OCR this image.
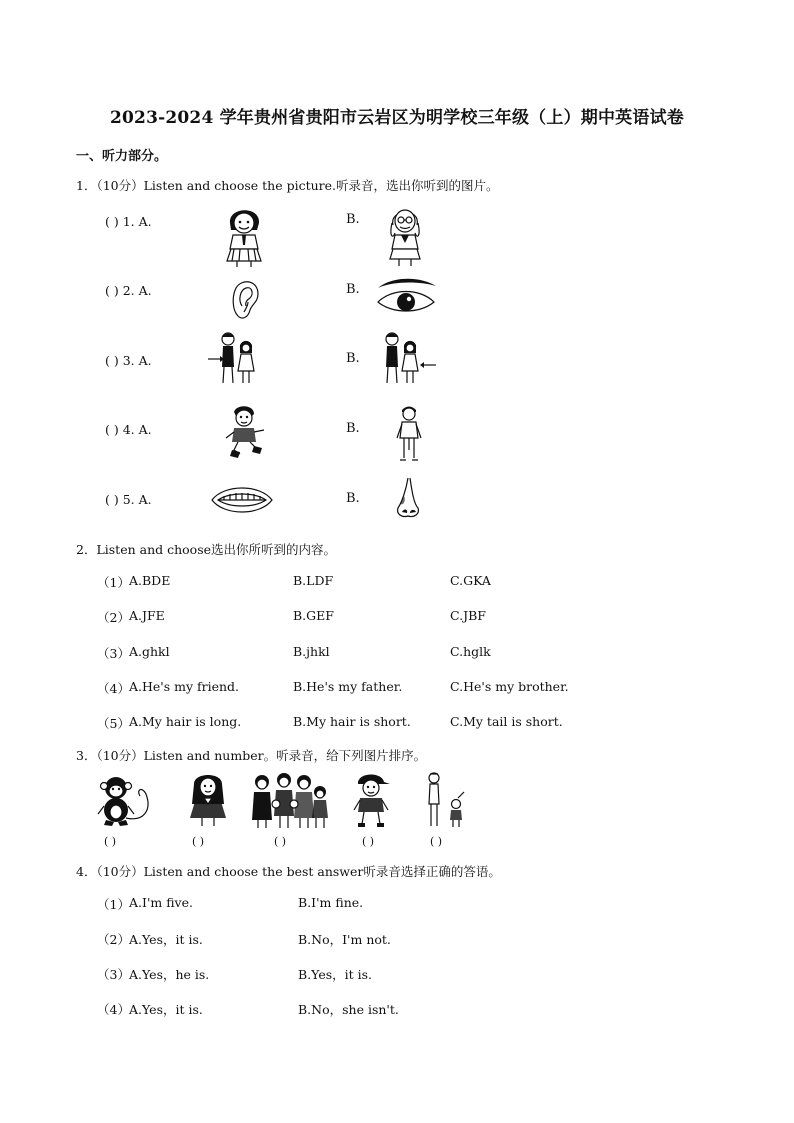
2023-2024 学年贵州省贵阳市云岩区为明学校三年级（上）期中英语试卷
一、听力部分。
1．（10分）Listen and choose the picture.听录音，选出你听到的图片。
( ) 1. A.	B.
( ) 2. A.	B.
( ) 3. A.	B.
( ) 4. A.	B.
( ) 5. A.	B.
2．Listen and choose选出你所听到的内容。
（1） A.BDE	B.LDF	C.GKA
（2） A.JFE	B.GEF	C.JBF
（3） A.ghkl	B.jhkl	C.hglk
（4） A.He's my friend.	B.He's my father.	C.He's my brother.
（5） A.My hair is long.	B.My hair is short.	C.My tail is short.
3．（10分）Listen and number。听录音，给下列图片排序。
( )	( )	( )	( )	( )
4．（10分）Listen and choose the best answer听录音选择正确的答语。
（1） A.I'm five.	B.I'm fine.
（2） A.Yes，it is.	B.No，I'm not.
（3） A.Yes，he is.	B.Yes，it is.
（4） A.Yes，it is.	B.No，she isn't.
